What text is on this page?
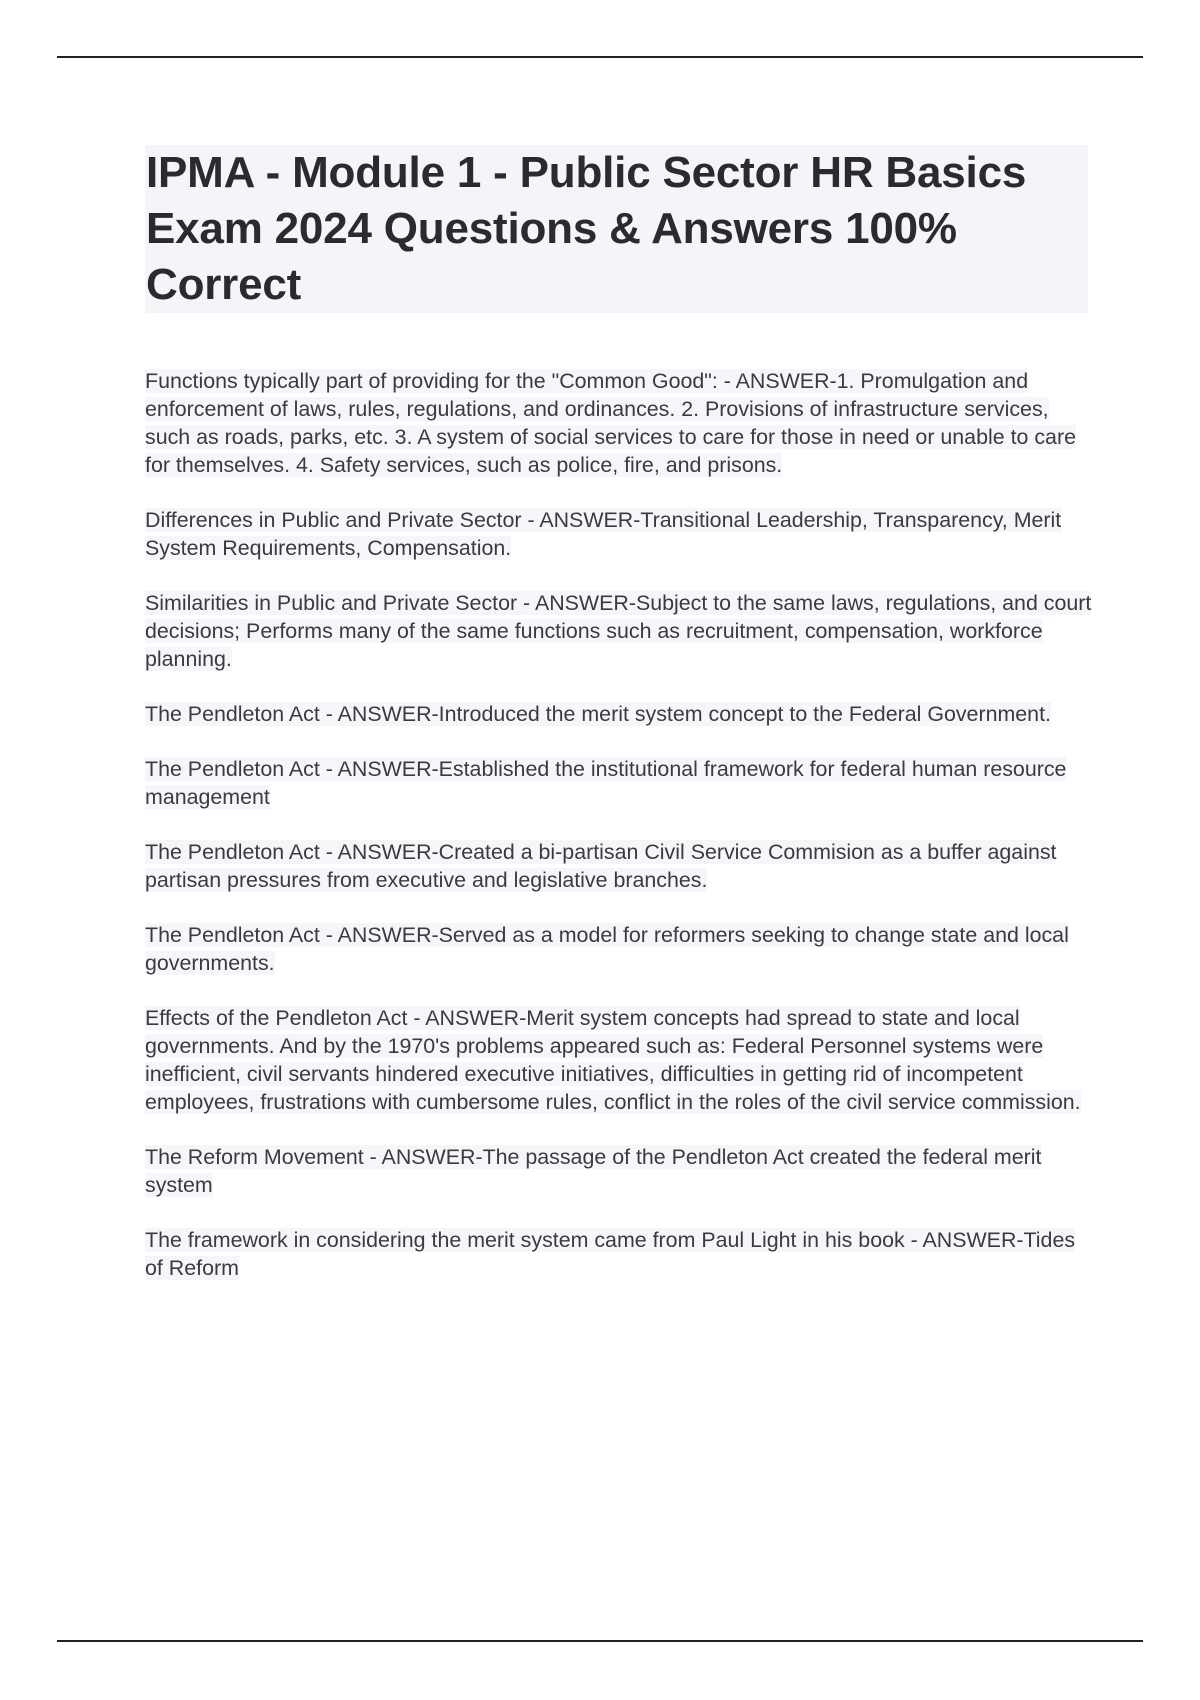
IPMA - Module 1 - Public Sector HR Basics Exam 2024 Questions & Answers 100% Correct

Functions typically part of providing for the "Common Good": - ANSWER-1. Promulgation and enforcement of laws, rules, regulations, and ordinances. 2. Provisions of infrastructure services, such as roads, parks, etc. 3. A system of social services to care for those in need or unable to care for themselves. 4. Safety services, such as police, fire, and prisons.

Differences in Public and Private Sector - ANSWER-Transitional Leadership, Transparency, Merit System Requirements, Compensation.

Similarities in Public and Private Sector - ANSWER-Subject to the same laws, regulations, and court decisions; Performs many of the same functions such as recruitment, compensation, workforce planning.

The Pendleton Act - ANSWER-Introduced the merit system concept to the Federal Government.

The Pendleton Act - ANSWER-Established the institutional framework for federal human resource management

The Pendleton Act - ANSWER-Created a bi-partisan Civil Service Commision as a buffer against partisan pressures from executive and legislative branches.

The Pendleton Act - ANSWER-Served as a model for reformers seeking to change state and local governments.

Effects of the Pendleton Act - ANSWER-Merit system concepts had spread to state and local governments. And by the 1970's problems appeared such as: Federal Personnel systems were inefficient, civil servants hindered executive initiatives, difficulties in getting rid of incompetent employees, frustrations with cumbersome rules, conflict in the roles of the civil service commission.

The Reform Movement - ANSWER-The passage of the Pendleton Act created the federal merit system

The framework in considering the merit system came from Paul Light in his book - ANSWER-Tides of Reform
